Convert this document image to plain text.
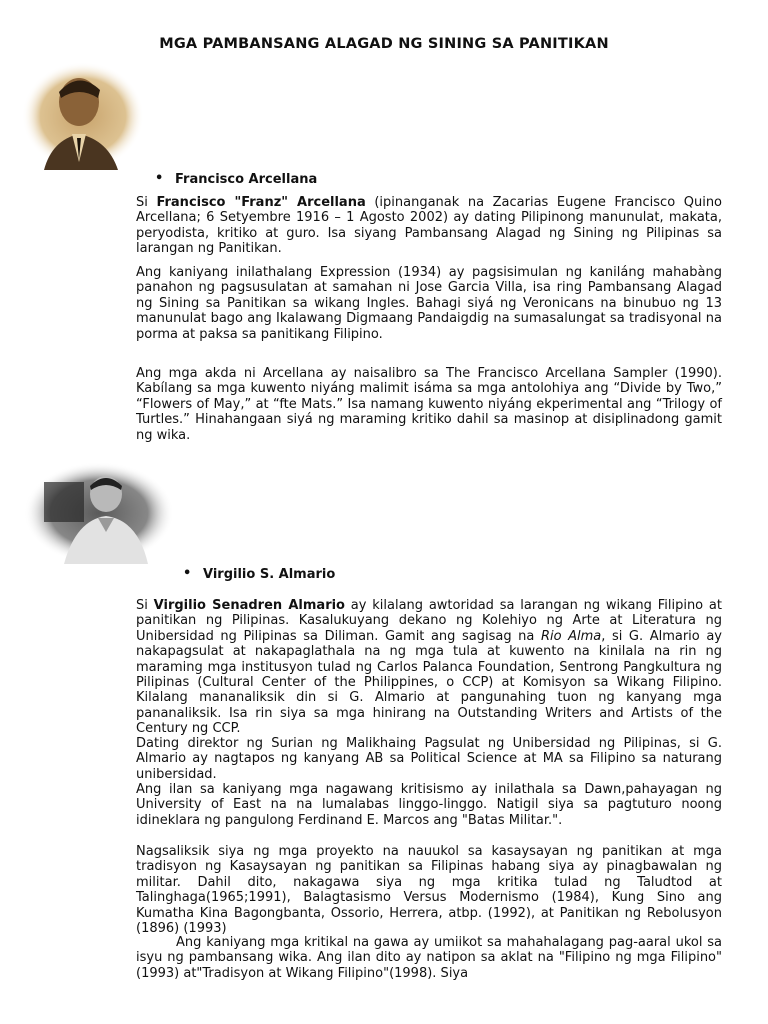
MGA PAMBANSANG ALAGAD NG SINING SA PANITIKAN
• Francisco Arcellana
Si Francisco "Franz" Arcellana (ipinanganak na Zacarias Eugene Francisco Quino Arcellana; 6 Setyembre 1916 – 1 Agosto 2002) ay dating Pilipinong manunulat, makata, peryodista, kritiko at guro. Isa siyang Pambansang Alagad ng Sining ng Pilipinas sa larangan ng Panitikan.

Ang kaniyang inilathalang Expression (1934) ay pagsisimulan ng kaniláng mahabàng panahon ng pagsusulatan at samahan ni Jose Garcia Villa, isa ring Pambansang Alagad ng Sining sa Panitikan sa wikang Ingles. Bahagi siyá ng Veronicans na binubuo ng 13 manunulat bago ang Ikalawang Digmaang Pandaigdig na sumasalungat sa tradisyonal na porma at paksa sa panitikang Filipino.

Ang mga akda ni Arcellana ay naisalibro sa The Francisco Arcellana Sampler (1990). Kabílang sa mga kuwento niyáng malimit isáma sa mga antolohiya ang “Divide by Two,” “Flowers of May,” at “fte Mats.” Isa namang kuwento niyáng ekperimental ang “Trilogy of Turtles.” Hinahangaan siyá ng maraming kritiko dahil sa masinop at disiplinadong gamit ng wika.

• Virgilio S. Almario
Si Virgilio Senadren Almario ay kilalang awtoridad sa larangan ng wikang Filipino at panitikan ng Pilipinas. Kasalukuyang dekano ng Kolehiyo ng Arte at Literatura ng Unibersidad ng Pilipinas sa Diliman. Gamit ang sagisag na Rio Alma, si G. Almario ay nakapagsulat at nakapaglathala na ng mga tula at kuwento na kinilala na rin ng maraming mga institusyon tulad ng Carlos Palanca Foundation, Sentrong Pangkultura ng Pilipinas (Cultural Center of the Philippines, o CCP) at Komisyon sa Wikang Filipino. Kilalang mananaliksik din si G. Almario at pangunahing tuon ng kanyang mga pananaliksik. Isa rin siya sa mga hinirang na Outstanding Writers and Artists of the Century ng CCP.

Dating direktor ng Surian ng Malikhaing Pagsulat ng Unibersidad ng Pilipinas, si G. Almario ay nagtapos ng kanyang AB sa Political Science at MA sa Filipino sa naturang unibersidad.

Ang ilan sa kaniyang mga nagawang kritisismo ay inilathala sa Dawn,pahayagan ng University of East na na lumalabas linggo-linggo. Natigil siya sa pagtuturo noong idineklara ng pangulong Ferdinand E. Marcos ang "Batas Militar.".

Nagsaliksik siya ng mga proyekto na nauukol sa kasaysayan ng panitikan at mga tradisyon ng Kasaysayan ng panitikan sa Filipinas habang siya ay pinagbawalan ng militar. Dahil dito, nakagawa siya ng mga kritika tulad ng Taludtod at Talinghaga(1965;1991), Balagtasismo Versus Modernismo (1984), Kung Sino ang Kumatha Kina Bagongbanta, Ossorio, Herrera, atbp. (1992), at Panitikan ng Rebolusyon (1896) (1993)

Ang kaniyang mga kritikal na gawa ay umiikot sa mahahalagang pag-aaral ukol sa isyu ng pambansang wika. Ang ilan dito ay natipon sa aklat na "Filipino ng mga Filipino"(1993) at"Tradisyon at Wikang Filipino"(1998). Siya
